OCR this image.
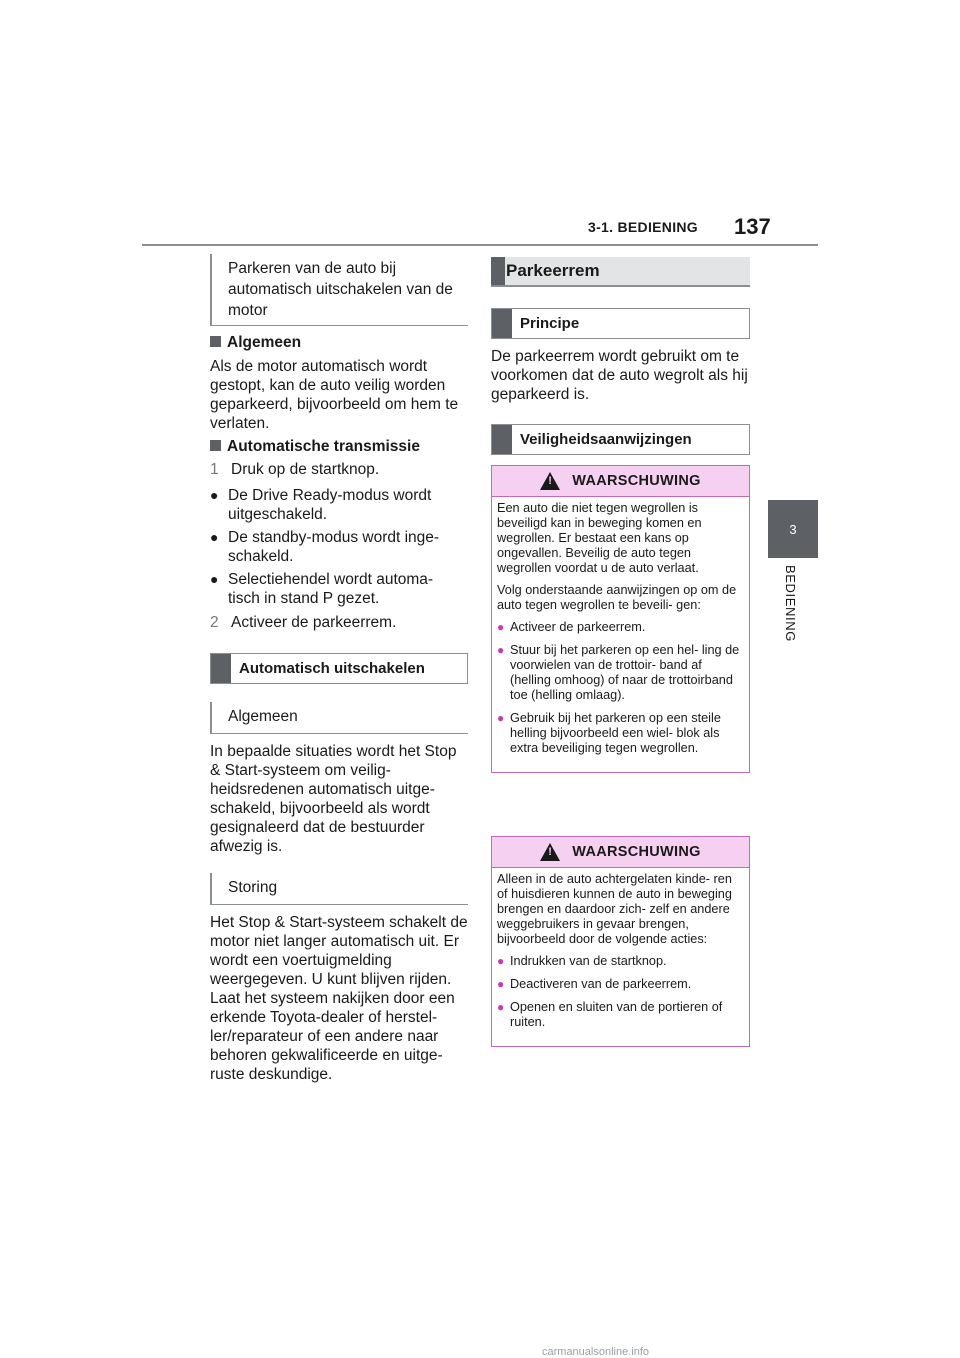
3-1. BEDIENING 137
3
BEDIENING
Parkeren van de auto bij automatisch uitschakelen van de motor
Algemeen
Als de motor automatisch wordt gestopt, kan de auto veilig worden geparkeerd, bijvoorbeeld om hem te verlaten.
Automatische transmissie
1 Druk op de startknop.
● De Drive Ready-modus wordt uitgeschakeld.
● De standby-modus wordt inge- schakeld.
● Selectiehendel wordt automa- tisch in stand P gezet.
2 Activeer de parkeerrem.
Automatisch uitschakelen
Algemeen
In bepaalde situaties wordt het Stop & Start-systeem om veilig- heidsredenen automatisch uitge- schakeld, bijvoorbeeld als wordt gesignaleerd dat de bestuurder afwezig is.
Storing
Het Stop & Start-systeem schakelt de motor niet langer automatisch uit. Er wordt een voertuigmelding weergegeven. U kunt blijven rijden. Laat het systeem nakijken door een erkende Toyota-dealer of herstel- ler/reparateur of een andere naar behoren gekwalificeerde en uitge- ruste deskundige.
Parkeerrem
Principe
De parkeerrem wordt gebruikt om te voorkomen dat de auto wegrolt als hij geparkeerd is.
Veiligheidsaanwijzingen
! WAARSCHUWING

Een auto die niet tegen wegrollen is beveiligd kan in beweging komen en wegrollen. Er bestaat een kans op ongevallen. Beveilig de auto tegen wegrollen voordat u de auto verlaat.

Volg onderstaande aanwijzingen op om de auto tegen wegrollen te beveili- gen:

● Activeer de parkeerrem.
● Stuur bij het parkeren op een hel- ling de voorwielen van de trottoir- band af (helling omhoog) of naar de trottoirband toe (helling omlaag).
● Gebruik bij het parkeren op een steile helling bijvoorbeeld een wiel- blok als extra beveiliging tegen wegrollen.
! WAARSCHUWING

Alleen in de auto achtergelaten kinde- ren of huisdieren kunnen de auto in beweging brengen en daardoor zich- zelf en andere weggebruikers in gevaar brengen, bijvoorbeeld door de volgende acties:

● Indrukken van de startknop.
● Deactiveren van de parkeerrem.
● Openen en sluiten van de portieren of ruiten.
carmanualsonline.info
